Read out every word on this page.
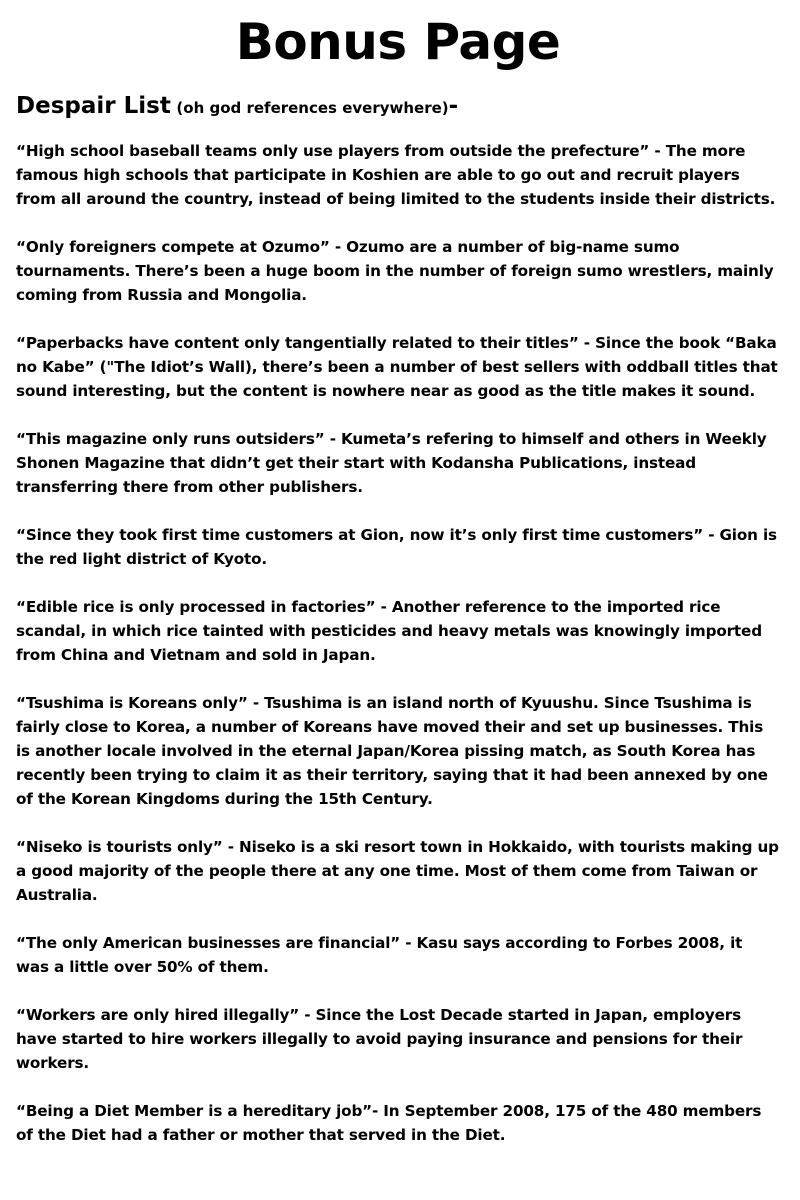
Bonus Page
Despair List (oh god references everywhere)-

“High school baseball teams only use players from outside the prefecture” - The more famous high schools that participate in Koshien are able to go out and recruit players from all around the country, instead of being limited to the students inside their districts.

“Only foreigners compete at Ozumo” - Ozumo are a number of big-name sumo tournaments. There’s been a huge boom in the number of foreign sumo wrestlers, mainly coming from Russia and Mongolia.

“Paperbacks have content only tangentially related to their titles” - Since the book “Baka no Kabe” ("The Idiot’s Wall), there’s been a number of best sellers with oddball titles that sound interesting, but the content is nowhere near as good as the title makes it sound.

“This magazine only runs outsiders” - Kumeta’s refering to himself and others in Weekly Shonen Magazine that didn’t get their start with Kodansha Publications, instead transferring there from other publishers.

“Since they took first time customers at Gion, now it’s only first time customers” - Gion is the red light district of Kyoto.

“Edible rice is only processed in factories” - Another reference to the imported rice scandal, in which rice tainted with pesticides and heavy metals was knowingly imported from China and Vietnam and sold in Japan.

“Tsushima is Koreans only” - Tsushima is an island north of Kyuushu. Since Tsushima is fairly close to Korea, a number of Koreans have moved their and set up businesses. This is another locale involved in the eternal Japan/Korea pissing match, as South Korea has recently been trying to claim it as their territory, saying that it had been annexed by one of the Korean Kingdoms during the 15th Century.

“Niseko is tourists only” - Niseko is a ski resort town in Hokkaido, with tourists making up a good majority of the people there at any one time. Most of them come from Taiwan or Australia.

“The only American businesses are financial” - Kasu says according to Forbes 2008, it was a little over 50% of them.

“Workers are only hired illegally” - Since the Lost Decade started in Japan, employers have started to hire workers illegally to avoid paying insurance and pensions for their workers.

“Being a Diet Member is a hereditary job”- In September 2008, 175 of the 480 members of the Diet had a father or mother that served in the Diet.
